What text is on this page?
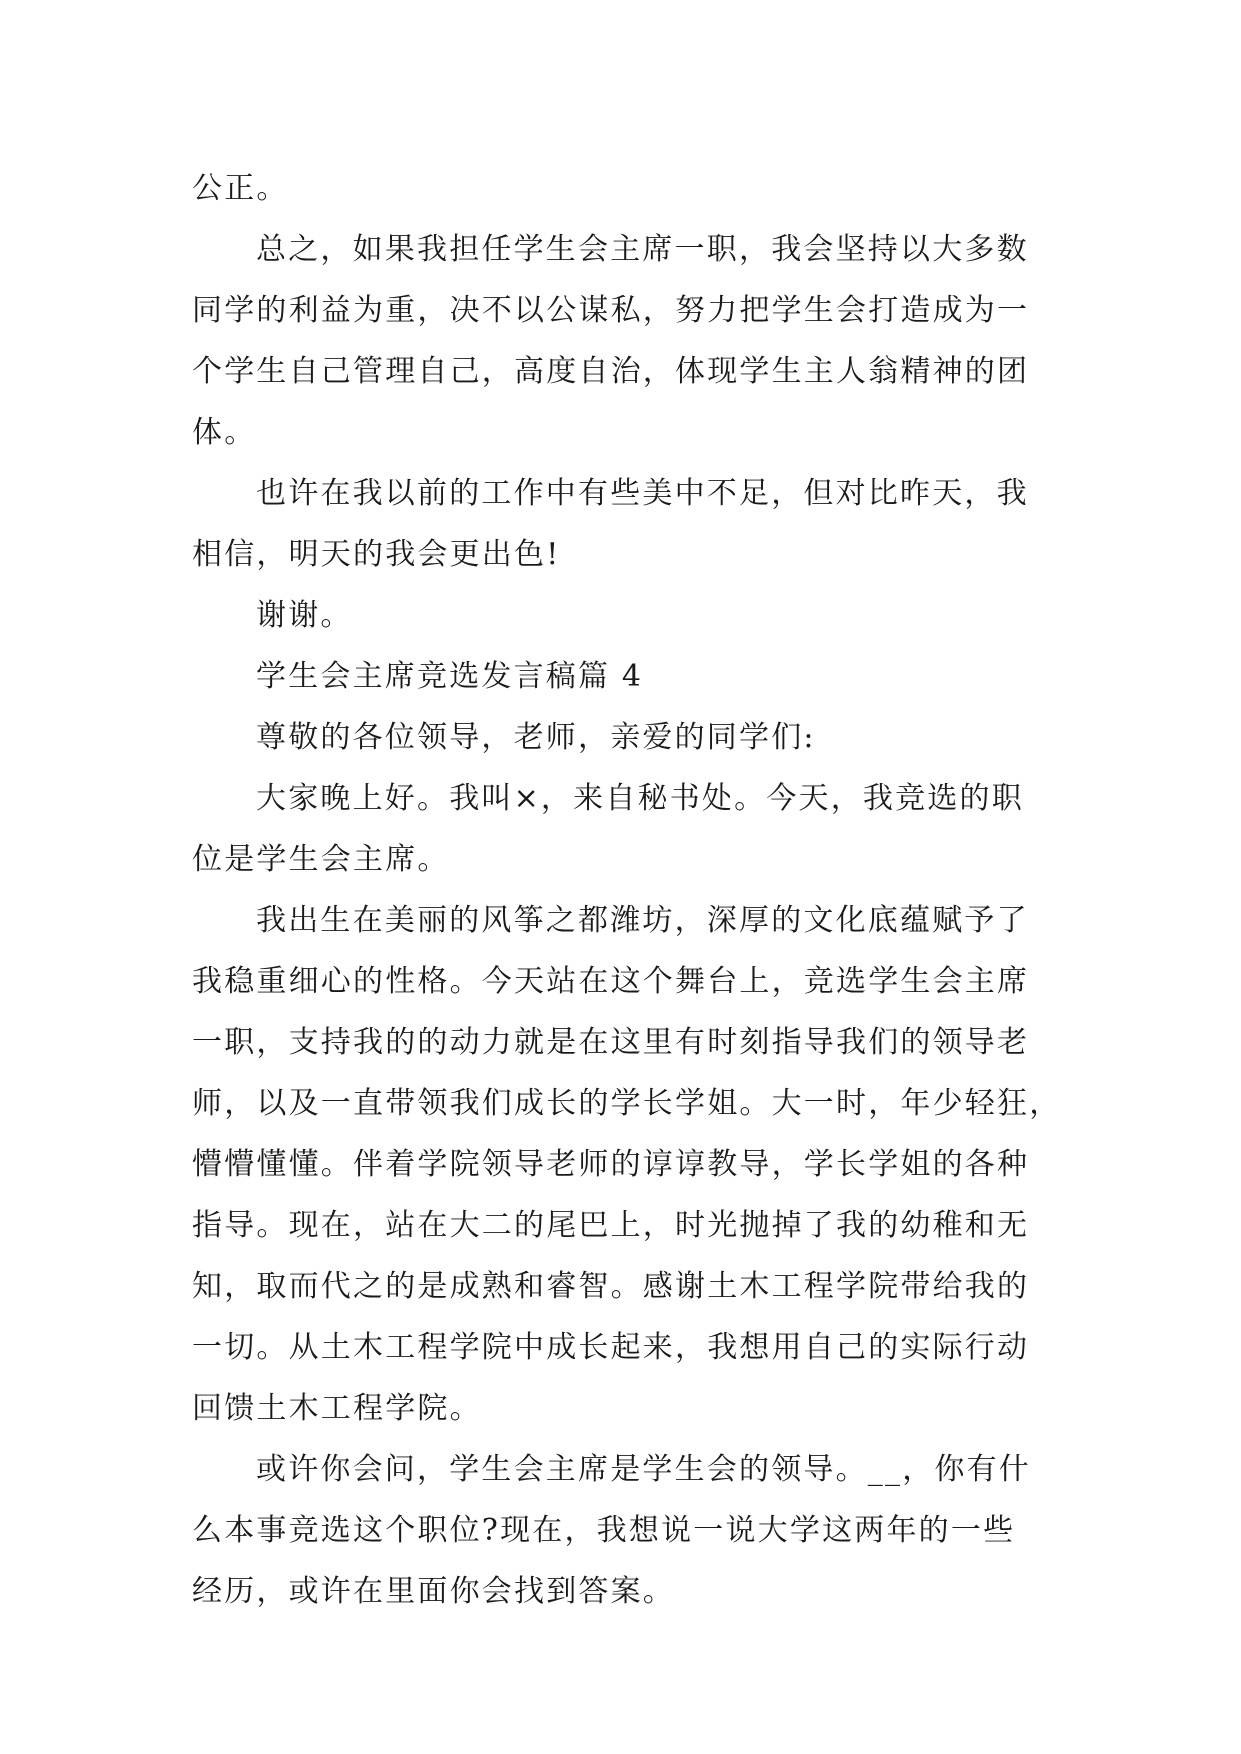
公正。

总之，如果我担任学生会主席一职，我会坚持以大多数

同学的利益为重，决不以公谋私，努力把学生会打造成为一

个学生自己管理自己，高度自治，体现学生主人翁精神的团

体。

也许在我以前的工作中有些美中不足，但对比昨天，我

相信，明天的我会更出色!

谢谢。

学生会主席竞选发言稿篇 4

尊敬的各位领导，老师，亲爱的同学们:

大家晚上好。我叫×，来自秘书处。今天，我竞选的职

位是学生会主席。

我出生在美丽的风筝之都潍坊，深厚的文化底蕴赋予了

我稳重细心的性格。今天站在这个舞台上，竞选学生会主席

一职，支持我的的动力就是在这里有时刻指导我们的领导老

师，以及一直带领我们成长的学长学姐。大一时，年少轻狂，

懵懵懂懂。伴着学院领导老师的谆谆教导，学长学姐的各种

指导。现在，站在大二的尾巴上，时光抛掉了我的幼稚和无

知，取而代之的是成熟和睿智。感谢土木工程学院带给我的

一切。从土木工程学院中成长起来，我想用自己的实际行动

回馈土木工程学院。

或许你会问，学生会主席是学生会的领导。__，你有什

么本事竞选这个职位?现在，我想说一说大学这两年的一些

经历，或许在里面你会找到答案。
